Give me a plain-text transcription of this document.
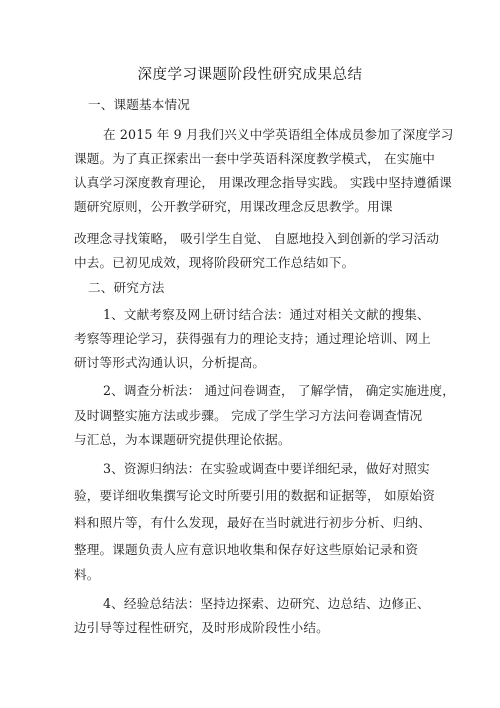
深度学习课题阶段性研究成果总结
一、课题基本情况
在 2015 年 9 月我们兴义中学英语组全体成员参加了深度学习
课题。为了真正探索出一套中学英语科深度教学模式， 在实施中
认真学习深度教育理论， 用课改理念指导实践。 实践中坚持遵循课
题研究原则，公开教学研究，用课改理念反思教学。用课
改理念寻找策略， 吸引学生自觉、 自愿地投入到创新的学习活动
中去。已初见成效，现将阶段研究工作总结如下。
二、研究方法
1、文献考察及网上研讨结合法：通过对相关文献的搜集、
考察等理论学习，获得强有力的理论支持；通过理论培训、网上
研讨等形式沟通认识，分析提高。
2、调查分析法： 通过问卷调查， 了解学情， 确定实施进度，
及时调整实施方法或步骤。 完成了学生学习方法问卷调查情况
与汇总，为本课题研究提供理论依据。
3、资源归纳法：在实验或调查中要详细纪录，做好对照实
验，要详细收集撰写论文时所要引用的数据和证据等， 如原始资
料和照片等，有什么发现，最好在当时就进行初步分析、归纳、
整理。课题负责人应有意识地收集和保存好这些原始记录和资
料。
4、经验总结法：坚持边探索、边研究、边总结、边修正、
边引导等过程性研究，及时形成阶段性小结。
